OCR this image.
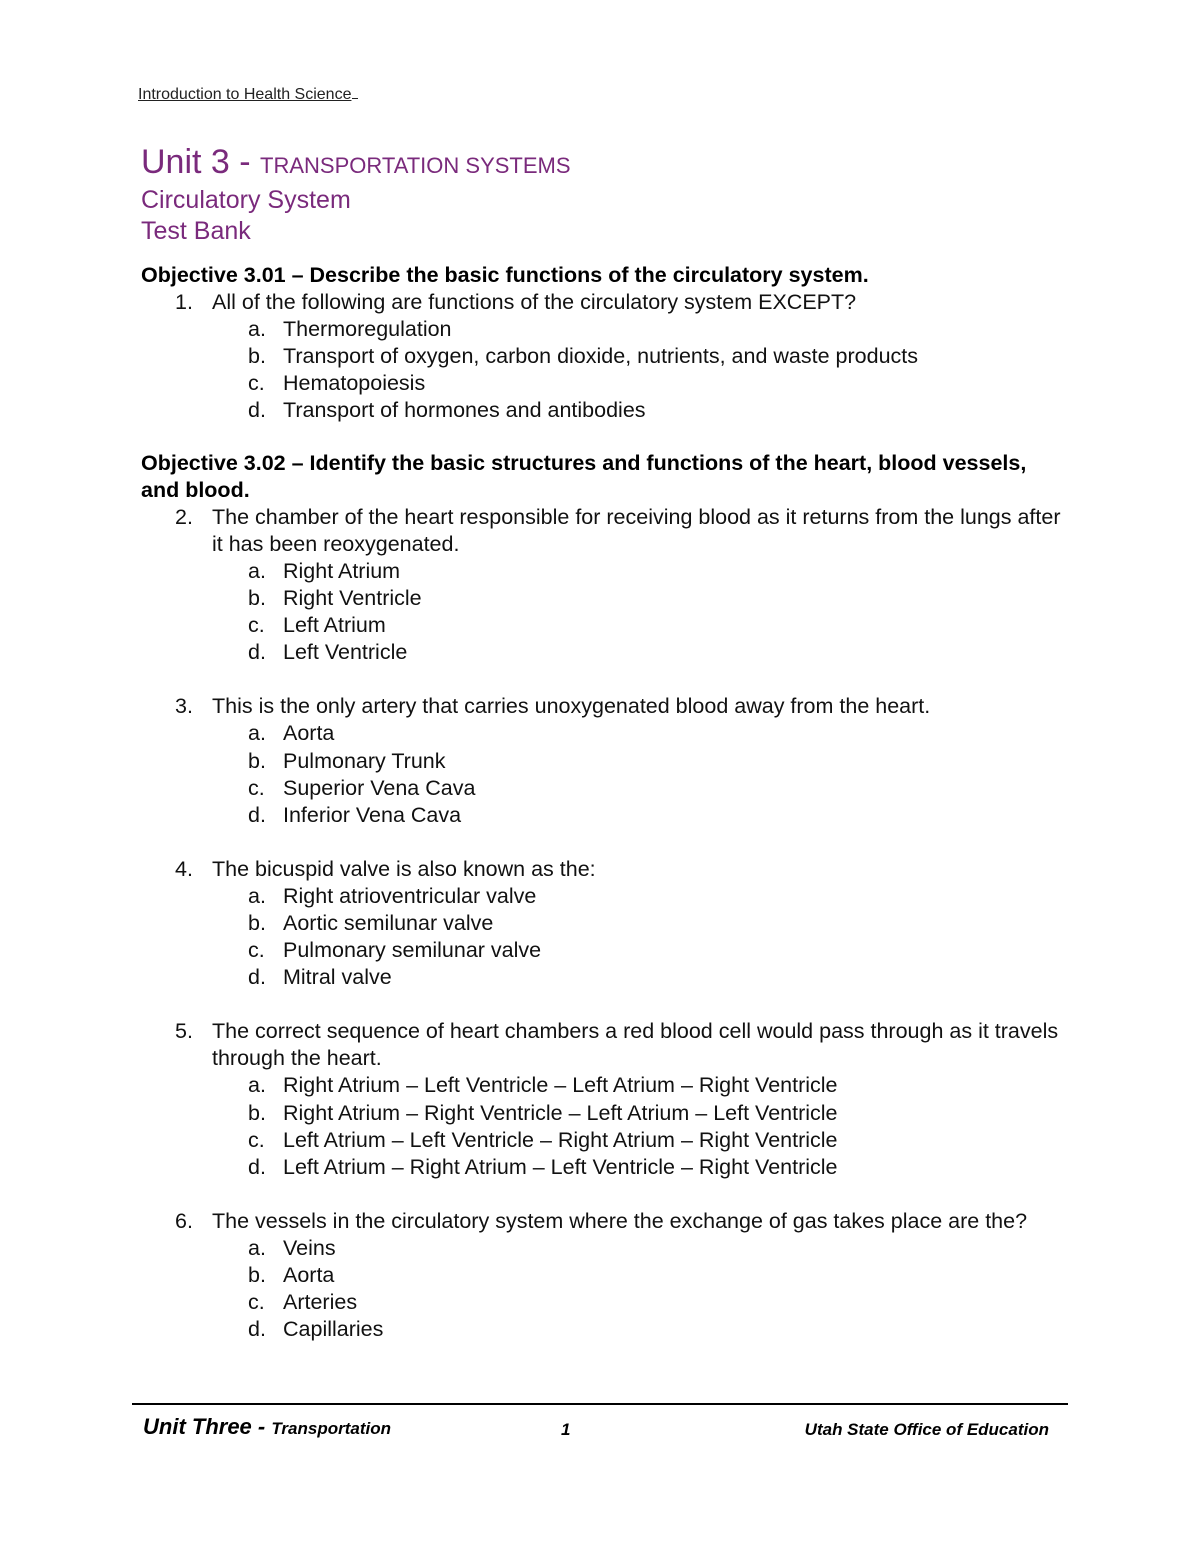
Introduction to Health Science
Unit 3 - TRANSPORTATION SYSTEMS
Circulatory System
Test Bank
Objective 3.01 – Describe the basic functions of the circulatory system.
1. All of the following are functions of the circulatory system EXCEPT?
a. Thermoregulation
b. Transport of oxygen, carbon dioxide, nutrients, and waste products
c. Hematopoiesis
d. Transport of hormones and antibodies
Objective 3.02 – Identify the basic structures and functions of the heart, blood vessels, and blood.
2. The chamber of the heart responsible for receiving blood as it returns from the lungs after it has been reoxygenated.
a. Right Atrium
b. Right Ventricle
c. Left Atrium
d. Left Ventricle
3. This is the only artery that carries unoxygenated blood away from the heart.
a. Aorta
b. Pulmonary Trunk
c. Superior Vena Cava
d. Inferior Vena Cava
4. The bicuspid valve is also known as the:
a. Right atrioventricular valve
b. Aortic semilunar valve
c. Pulmonary semilunar valve
d. Mitral valve
5. The correct sequence of heart chambers a red blood cell would pass through as it travels through the heart.
a. Right Atrium – Left Ventricle – Left Atrium – Right Ventricle
b. Right Atrium – Right Ventricle – Left Atrium – Left Ventricle
c. Left Atrium – Left Ventricle – Right Atrium – Right Ventricle
d. Left Atrium – Right Atrium – Left Ventricle – Right Ventricle
6. The vessels in the circulatory system where the exchange of gas takes place are the?
a. Veins
b. Aorta
c. Arteries
d. Capillaries
Unit Three - Transportation	1	Utah State Office of Education
